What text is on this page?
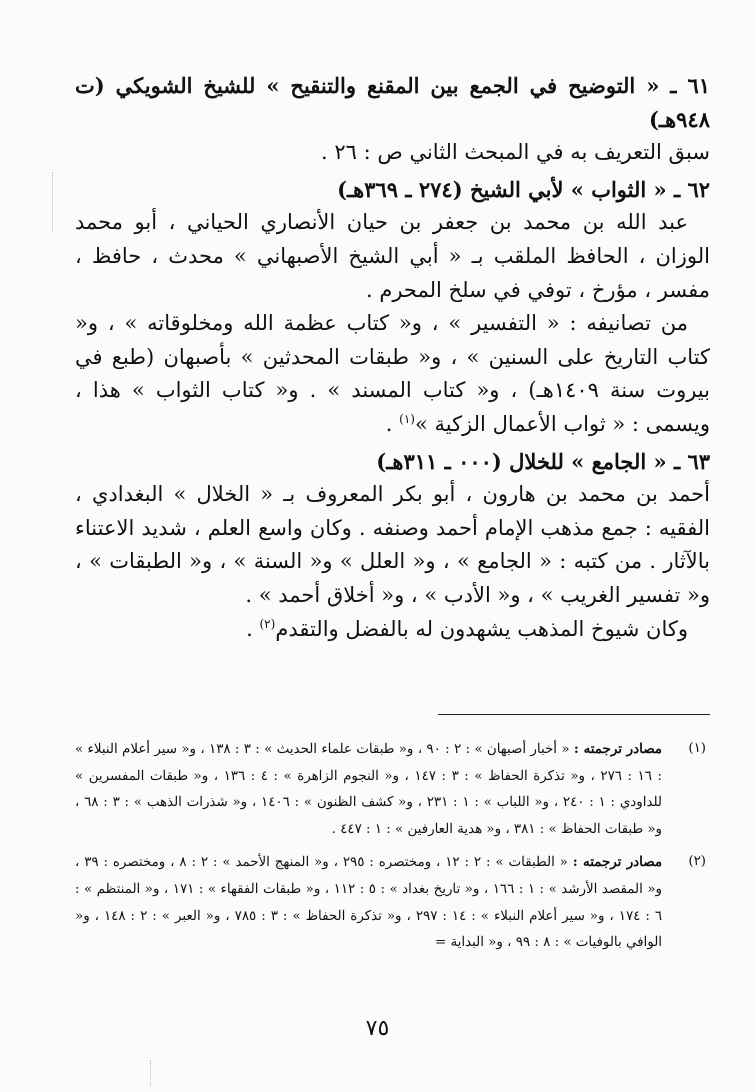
٦١ ـ « التوضيح في الجمع بين المقنع والتنقيح » للشيخ الشويكي (ت ٩٤٨هـ)

سبق التعريف به في المبحث الثاني ص : ٢٦ .

٦٢ ـ « الثواب » لأبي الشيخ (٢٧٤ ـ ٣٦٩هـ)

عبد الله بن محمد بن جعفر بن حيان الأنصاري الحياني ، أبو محمد الوزان ، الحافظ الملقب بـ « أبي الشيخ الأصبهاني » محدث ، حافظ ، مفسر ، مؤرخ ، توفي في سلخ المحرم .

من تصانيفه : « التفسير » ، و« كتاب عظمة الله ومخلوقاته » ، و« كتاب التاريخ على السنين » ، و« طبقات المحدثين » بأصبهان (طبع في بيروت سنة ١٤٠٩هـ) ، و« كتاب المسند » . و« كتاب الثواب » هذا ، ويسمى : « ثواب الأعمال الزكية »$^{(١)}$ .

٦٣ ـ « الجامع » للخلال (٠٠٠ ـ ٣١١هـ)

أحمد بن محمد بن هارون ، أبو بكر المعروف بـ « الخلال » البغدادي ، الفقيه : جمع مذهب الإمام أحمد وصنفه . وكان واسع العلم ، شديد الاعتناء بالآثار . من كتبه : « الجامع » ، و« العلل » و« السنة » ، و« الطبقات » ، و« تفسير الغريب » ، و« الأدب » ، و« أخلاق أحمد » .

وكان شيوخ المذهب يشهدون له بالفضل والتقدم$^{(٢)}$ .

(١)
مصادر ترجمته : « أخبار أصبهان » : ٢ : ٩٠ ، و« طبقات علماء الحديث » : ٣ : ١٣٨ ، و« سير أعلام النبلاء » : ١٦ : ٢٧٦ ، و« تذكرة الحفاظ » : ٣ : ١٤٧ ، و« النجوم الزاهرة » : ٤ : ١٣٦ ، و« طبقات المفسرين » للداودي : ١ : ٢٤٠ ، و« اللباب » : ١ : ٢٣١ ، و« كشف الظنون » : ١٤٠٦ ، و« شذرات الذهب » : ٣ : ٦٨ ، و« طبقات الحفاظ » : ٣٨١ ، و« هدية العارفين » : ١ : ٤٤٧ .
(٢)
مصادر ترجمته : « الطبقات » : ٢ : ١٢ ، ومختصره : ٢٩٥ ، و« المنهج الأحمد » : ٢ : ٨ ، ومختصره : ٣٩ ، و« المقصد الأرشد » : ١ : ١٦٦ ، و« تاريخ بغداد » : ٥ : ١١٢ ، و« طبقات الفقهاء » : ١٧١ ، و« المنتظم » : ٦ : ١٧٤ ، و« سير أعلام النبلاء » : ١٤ : ٢٩٧ ، و« تذكرة الحفاظ » : ٣ : ٧٨٥ ، و« العبر » : ٢ : ١٤٨ ، و« الوافي بالوفيات » : ٨ : ٩٩ ، و« البداية =
٧٥
